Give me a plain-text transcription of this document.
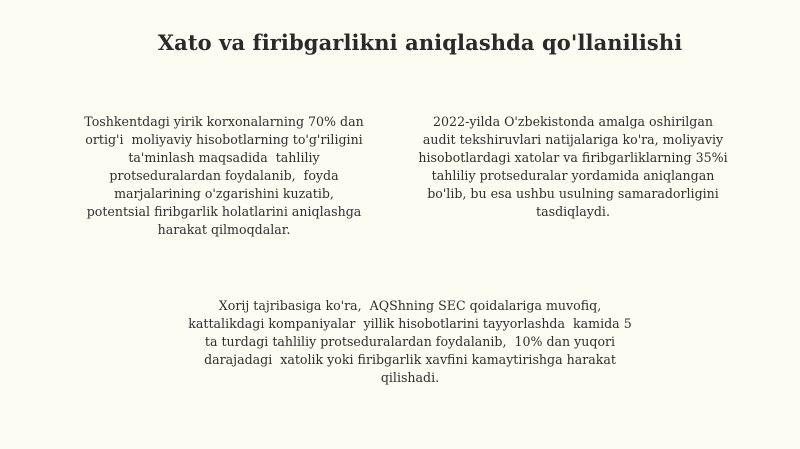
Xato va firibgarlikni aniqlashda qo'llanilishi
Toshkentdagi yirik korxonalarning 70% dan
ortig'i  moliyaviy hisobotlarning to'g'riligini
ta'minlash maqsadida  tahliliy
protseduralardan foydalanib,  foyda
marjalarining o'zgarishini kuzatib,
potentsial firibgarlik holatlarini aniqlashga
harakat qilmoqdalar.
2022-yilda O'zbekistonda amalga oshirilgan
audit tekshiruvlari natijalariga ko'ra, moliyaviy
hisobotlardagi xatolar va firibgarliklarning 35%i
tahliliy protseduralar yordamida aniqlangan
bo'lib, bu esa ushbu usulning samaradorligini
tasdiqlaydi.
Xorij tajribasiga ko'ra,  AQShning SEC qoidalariga muvofiq,
kattalikdagi kompaniyalar  yillik hisobotlarini tayyorlashda  kamida 5
ta turdagi tahliliy protseduralardan foydalanib,  10% dan yuqori
darajadagi  xatolik yoki firibgarlik xavfini kamaytirishga harakat
qilishadi.
